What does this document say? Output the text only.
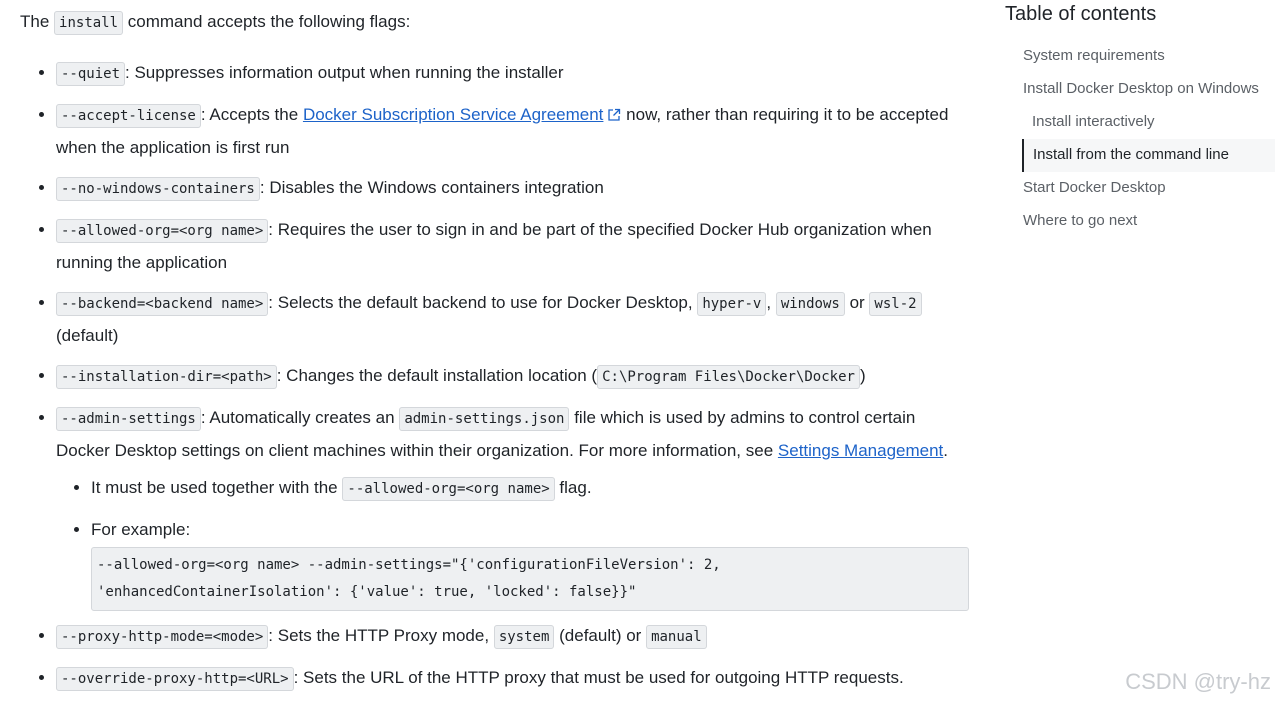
The install command accepts the following flags:

• --quiet : Suppresses information output when running the installer
• --accept-license : Accepts the Docker Subscription Service Agreement now, rather than requiring it to be accepted when the application is first run
• --no-windows-containers : Disables the Windows containers integration
• --allowed-org=<org name> : Requires the user to sign in and be part of the specified Docker Hub organization when running the application
• --backend=<backend name> : Selects the default backend to use for Docker Desktop, hyper-v , windows or wsl-2 (default)
• --installation-dir=<path> : Changes the default installation location ( C:\Program Files\Docker\Docker )
• --admin-settings : Automatically creates an admin-settings.json file which is used by admins to control certain Docker Desktop settings on client machines within their organization. For more information, see Settings Management.
• It must be used together with the --allowed-org=<org name> flag.
• For example:
--allowed-org=<org name> --admin-settings="{'configurationFileVersion': 2, 'enhancedContainerIsolation': {'value': true, 'locked': false}}"
• --proxy-http-mode=<mode> : Sets the HTTP Proxy mode, system (default) or manual
• --override-proxy-http=<URL> : Sets the URL of the HTTP proxy that must be used for outgoing HTTP requests.
Table of contents
System requirements
Install Docker Desktop on Windows
Install interactively
Install from the command line
Start Docker Desktop
Where to go next
CSDN @try-hz
